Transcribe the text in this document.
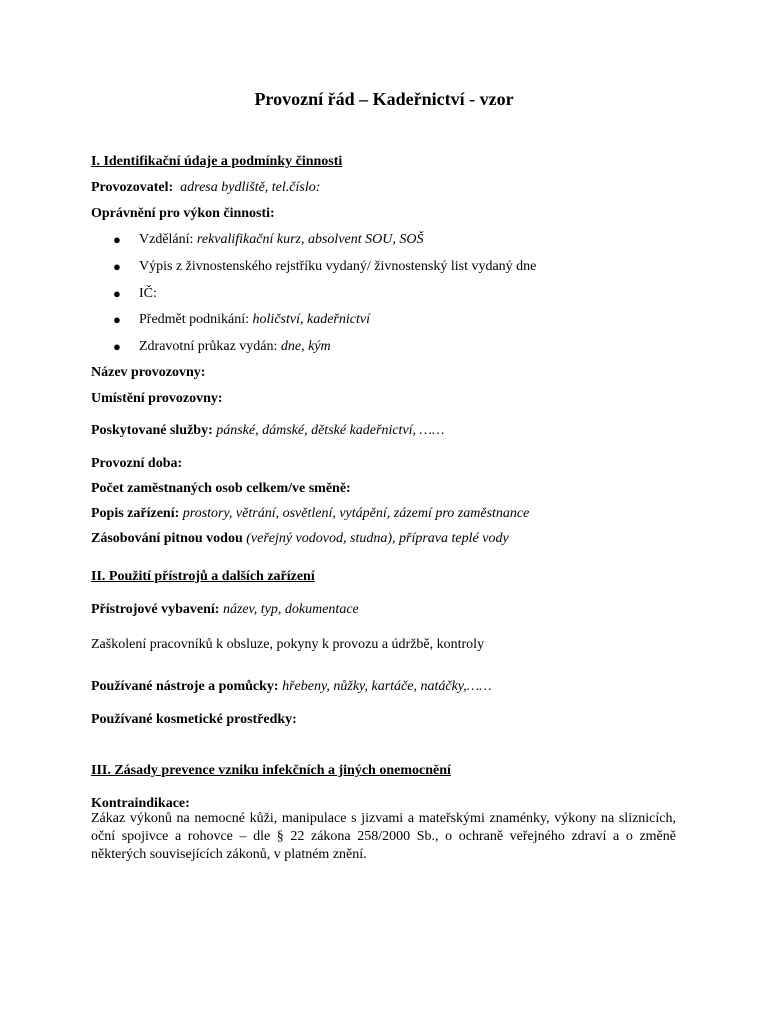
Provozní řád – Kadeřnictví - vzor
I. Identifikační údaje a podmínky činnosti
Provozovatel: adresa bydliště, tel.číslo:
Oprávnění pro výkon činnosti:
● Vzdělání: rekvalifikační kurz, absolvent SOU, SOŠ
● Výpis z živnostenského rejstříku vydaný/ živnostenský list vydaný dne
● IČ:
● Předmět podnikání: holičství, kadeřnictví
● Zdravotní průkaz vydán: dne, kým
Název provozovny:
Umístění provozovny:
Poskytované služby: pánské, dámské, dětské kadeřnictví, ……
Provozní doba:
Počet zaměstnaných osob celkem/ve směně:
Popis zařízení: prostory, větrání, osvětlení, vytápění, zázemí pro zaměstnance
Zásobování pitnou vodou (veřejný vodovod, studna), příprava teplé vody
II. Použití přístrojů a dalších zařízení
Přístrojové vybavení: název, typ, dokumentace
Zaškolení pracovníků k obsluze, pokyny k provozu a údržbě, kontroly
Používané nástroje a pomůcky: hřebeny, nůžky, kartáče, natáčky,……
Používané kosmetické prostředky:
III. Zásady prevence vzniku infekčních a jiných onemocnění
Kontraindikace:
Zákaz výkonů na nemocné kůži, manipulace s jizvami a mateřskými znaménky, výkony na sliznicích, oční spojivce a rohovce – dle § 22 zákona 258/2000 Sb., o ochraně veřejného zdraví a o změně některých souvisejících zákonů, v platném znění.
